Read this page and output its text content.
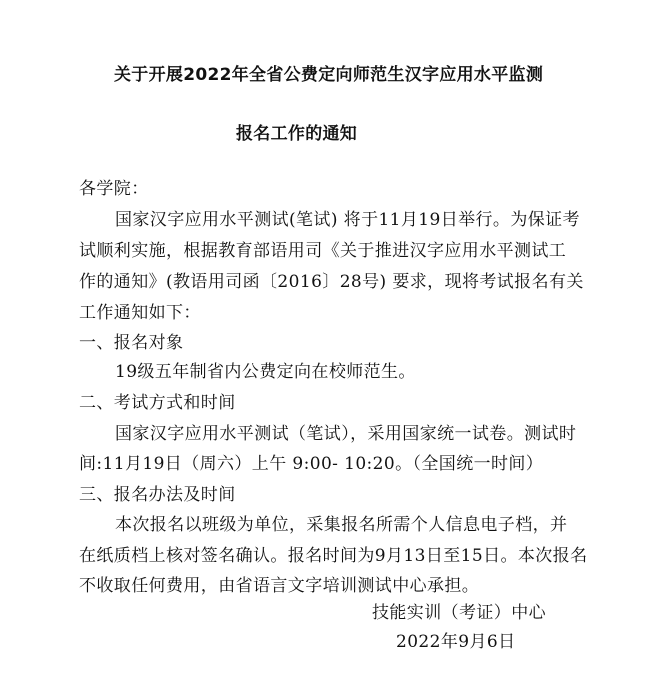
关于开展2022年全省公费定向师范生汉字应用水平监测
报名工作的通知
各学院：
国家汉字应用水平测试(笔试) 将于11月19日举行。为保证考
试顺利实施，根据教育部语用司《关于推进汉字应用水平测试工
作的通知》(教语用司函〔2016〕28号) 要求，现将考试报名有关
工作通知如下：
一、报名对象
19级五年制省内公费定向在校师范生。
二、考试方式和时间
国家汉字应用水平测试（笔试），采用国家统一试卷。测试时
间:11月19日（周六）上午 9:00- 10:20。（全国统一时间）
三、报名办法及时间
本次报名以班级为单位，采集报名所需个人信息电子档，并
在纸质档上核对签名确认。报名时间为9月13日至15日。本次报名
不收取任何费用，由省语言文字培训测试中心承担。
技能实训（考证）中心
2022年9月6日
